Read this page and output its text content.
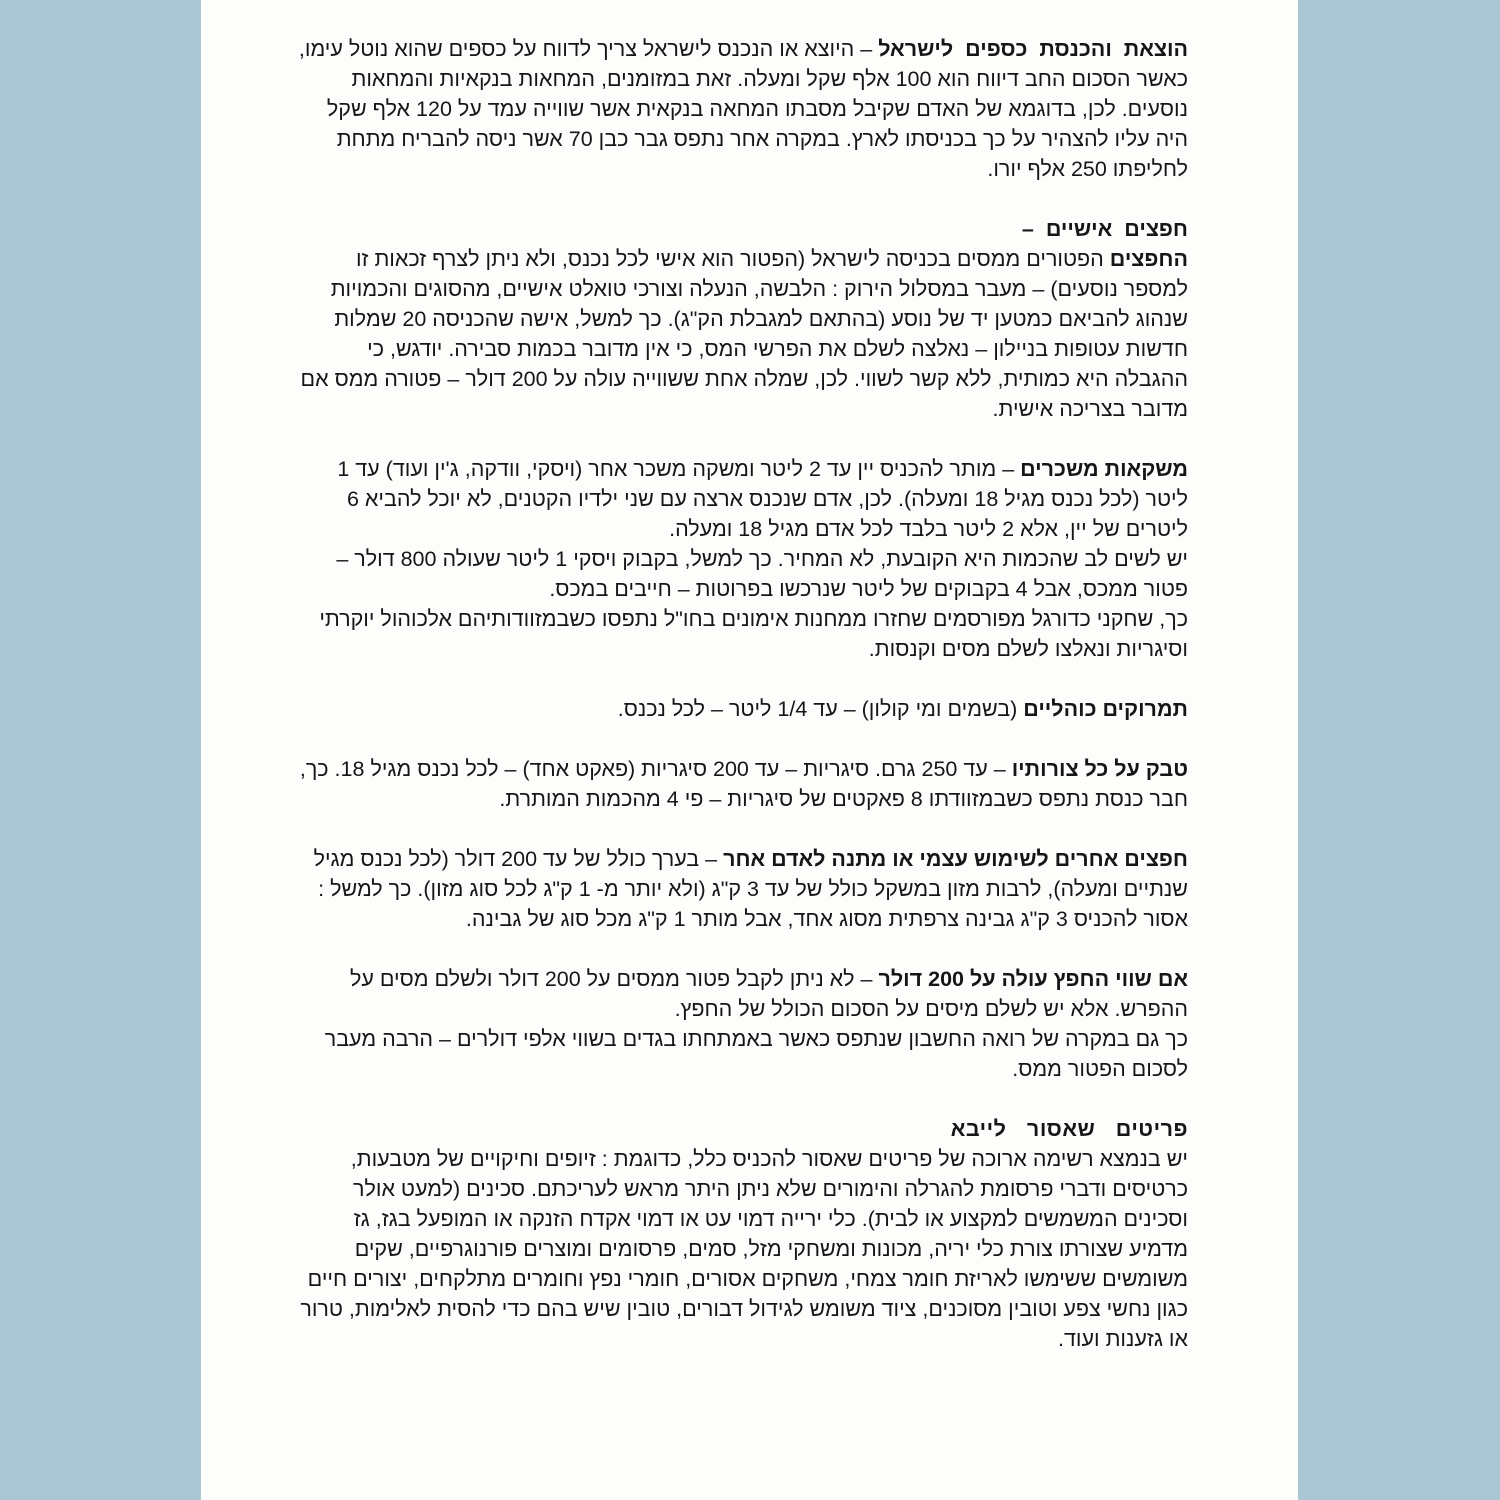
הוצאת והכנסת כספים לישראל – היוצא או הנכנס לישראל צריך לדווח על כספים שהוא נוטל עימו, כאשר הסכום החב דיווח הוא 100 אלף שקל ומעלה. זאת במזומנים, המחאות בנקאיות והמחאות נוסעים. לכן, בדוגמא של האדם שקיבל מסבתו המחאה בנקאית אשר שווייה עמד על 120 אלף שקל היה עליו להצהיר על כך בכניסתו לארץ. במקרה אחר נתפס גבר כבן 70 אשר ניסה להבריח מתחת לחליפתו 250 אלף יורו.

חפצים אישיים –

החפצים הפטורים ממסים בכניסה לישראל (הפטור הוא אישי לכל נכנס, ולא ניתן לצרף זכאות זו למספר נוסעים) – מעבר במסלול הירוק : הלבשה, הנעלה וצורכי טואלט אישיים, מהסוגים והכמויות שנהוג להביאם כמטען יד של נוסע (בהתאם למגבלת הק"ג). כך למשל, אישה שהכניסה 20 שמלות חדשות עטופות בניילון – נאלצה לשלם את הפרשי המס, כי אין מדובר בכמות סבירה. יודגש, כי ההגבלה היא כמותית, ללא קשר לשווי. לכן, שמלה אחת ששווייה עולה על 200 דולר – פטורה ממס אם מדובר בצריכה אישית.

משקאות משכרים – מותר להכניס יין עד 2 ליטר ומשקה משכר אחר (ויסקי, וודקה, ג'ין ועוד) עד 1 ליטר (לכל נכנס מגיל 18 ומעלה). לכן, אדם שנכנס ארצה עם שני ילדיו הקטנים, לא יוכל להביא 6 ליטרים של יין, אלא 2 ליטר בלבד לכל אדם מגיל 18 ומעלה.

יש לשים לב שהכמות היא הקובעת, לא המחיר. כך למשל, בקבוק ויסקי 1 ליטר שעולה 800 דולר – פטור ממכס, אבל 4 בקבוקים של ליטר שנרכשו בפרוטות – חייבים במכס.

כך, שחקני כדורגל מפורסמים שחזרו ממחנות אימונים בחו"ל נתפסו כשבמזוודותיהם אלכוהול יוקרתי וסיגריות ונאלצו לשלם מסים וקנסות.

תמרוקים כוהליים (בשמים ומי קולון) – עד 1/4 ליטר – לכל נכנס.

טבק על כל צורותיו – עד 250 גרם. סיגריות – עד 200 סיגריות (פאקט אחד) – לכל נכנס מגיל 18. כך, חבר כנסת נתפס כשבמזוודתו 8 פאקטים של סיגריות – פי 4 מהכמות המותרת.

חפצים אחרים לשימוש עצמי או מתנה לאדם אחר – בערך כולל של עד 200 דולר (לכל נכנס מגיל שנתיים ומעלה), לרבות מזון במשקל כולל של עד 3 ק"ג (ולא יותר מ- 1 ק"ג לכל סוג מזון). כך למשל : אסור להכניס 3 ק"ג גבינה צרפתית מסוג אחד, אבל מותר 1 ק"ג מכל סוג של גבינה.

אם שווי החפץ עולה על 200 דולר – לא ניתן לקבל פטור ממסים על 200 דולר ולשלם מסים על ההפרש. אלא יש לשלם מיסים על הסכום הכולל של החפץ.

כך גם במקרה של רואה החשבון שנתפס כאשר באמתחתו בגדים בשווי אלפי דולרים – הרבה מעבר לסכום הפטור ממס.

פריטים שאסור לייבא

יש בנמצא רשימה ארוכה של פריטים שאסור להכניס כלל, כדוגמת : זיופים וחיקויים של מטבעות, כרטיסים ודברי פרסומת להגרלה והימורים שלא ניתן היתר מראש לעריכתם. סכינים (למעט אולר וסכינים המשמשים למקצוע או לבית). כלי ירייה דמוי עט או דמוי אקדח הזנקה או המופעל בגז, גז מדמיע שצורתו צורת כלי יריה, מכונות ומשחקי מזל, סמים, פרסומים ומוצרים פורנוגרפיים, שקים משומשים ששימשו לאריזת חומר צמחי, משחקים אסורים, חומרי נפץ וחומרים מתלקחים, יצורים חיים כגון נחשי צפע וטובין מסוכנים, ציוד משומש לגידול דבורים, טובין שיש בהם כדי להסית לאלימות, טרור או גזענות ועוד.
